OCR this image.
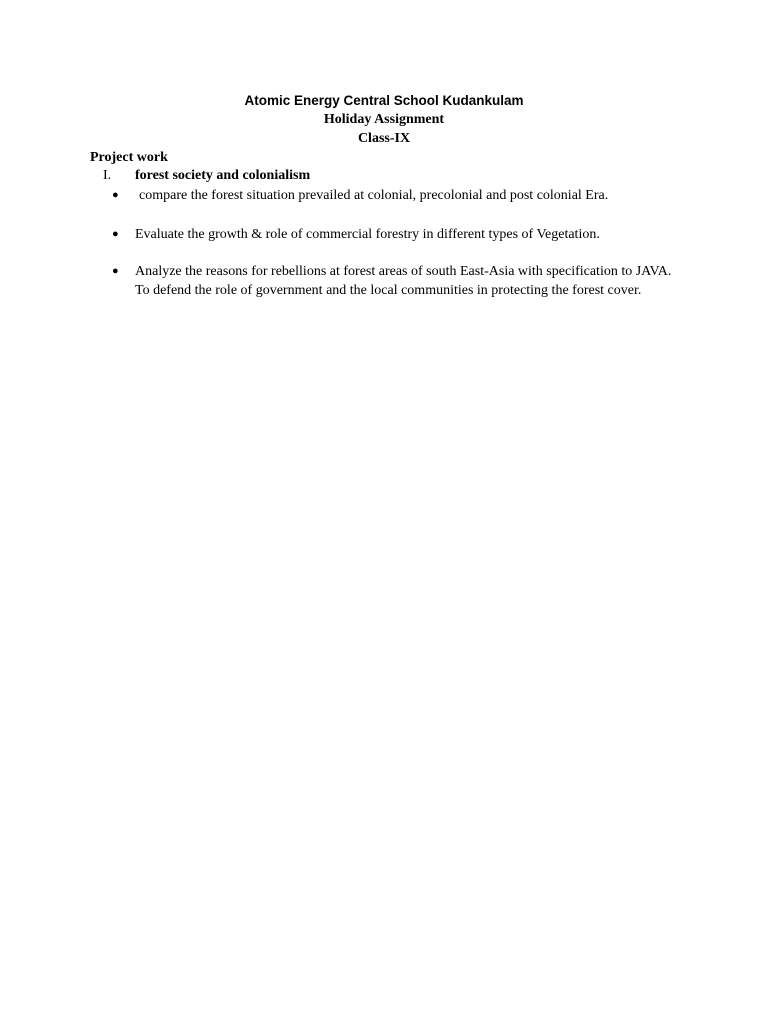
Atomic Energy Central School Kudankulam
Holiday Assignment
Class-IX
Project work
I. forest society and colonialism
● compare the forest situation prevailed at colonial, precolonial and post colonial Era.
● Evaluate the growth & role of commercial forestry in different types of Vegetation.
● Analyze the reasons for rebellions at forest areas of south East-Asia with specification to JAVA.
To defend the role of government and the local communities in protecting the forest cover.
